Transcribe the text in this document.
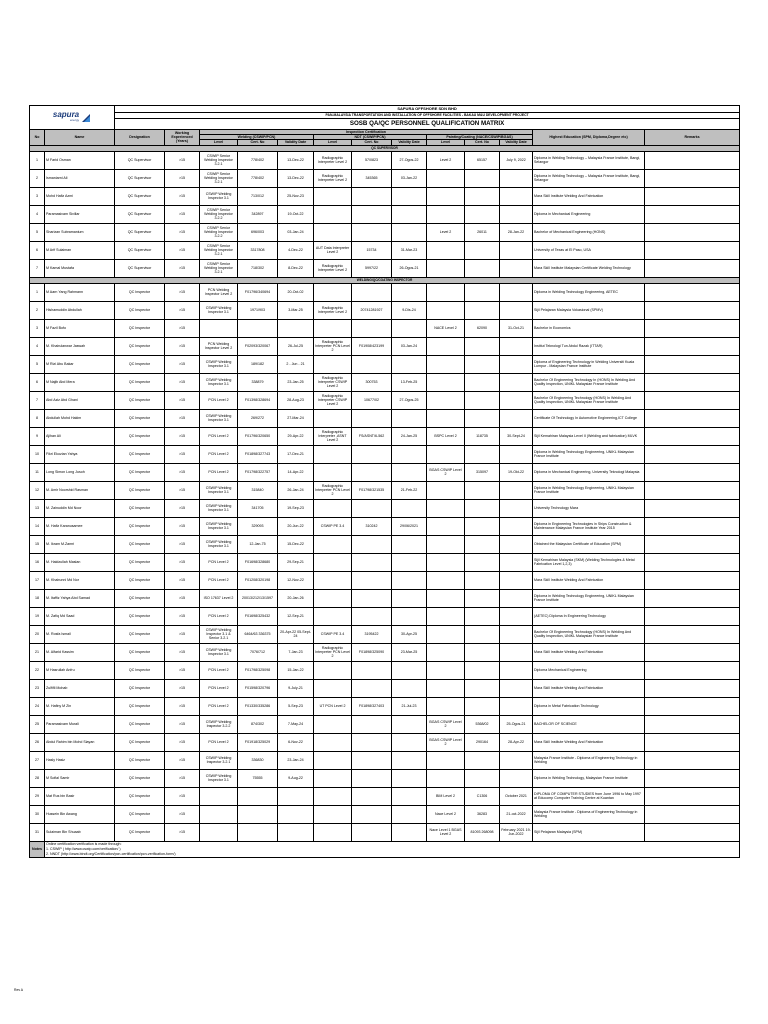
sapura
energy		SAPURA OFFSHORE SDN BHD												
		PAN-MALAYSIA TRANSPORTATION AND INSTALLATION OF OFFSHORE FACILITIES - BAKAU M&U DEVELOPMENT PROJECT												
		SOSB QA/QC PERSONNEL QUALIFICATION MATRIX												
No	Name	Designation	Working Experienced (Years)	Inspection Certification									Highest Education (SPM, Diploma,Degree etc)	Remarks
				Welding (CSWIP/PCN)			NDT (CSWIP/PCN)			Painting/Coating (NACE/CSWIP/BGAS)				
				Level	Cert. No	Validity Date	Level	Cert. No	Validity Date	Level	Cert. No	Validity Date		
QC SUPERVISOR														
1	M Farid Osman	QC Supervisor	>15	CSWIP Senior Welding Inspector 3.2.1	778/402	13-Dec-22	Radiographic Interpreter Level 2	57/0823	27-Ogos-22	Level 2	65157	July 9, 2022	Diploma in Welding Technology – Malaysia France Institute, Bangi, Selangor	
2	Ismaniarni Ali	QC Supervisor	>15	CSWIP Senior Welding Inspector 3.2.1	778/402	13-Dec-22	Radiographic Interpreter Level 2	345365	03-Jan-22				Diploma in Welding Technology – Malaysia France Institute, Bangi, Selangor	
3	Mohd Hafiz Azmi	QC Supervisor	>15	CSWIP Welding Inspector 3.1	713/012	25-Nov-23							Mara Skill Institute Welding And Fabrication	
4	Paramasivam Sivillar	QC Supervisor	>15	CSWIP Senior Welding Inspector 3.2.2	342897	19-Oct-22							Diploma in Mechanical Engineering	
5	Sharizan Subramanium	QC Supervisor	>15	CSWIP Senior Welding Inspector 3.2.2	696/003	03-Jan-24				Level 2	26011	28-Jan-22	Bachelor of Mechanical Engineering (HONS)	
6	M Arif Sulaiman	QC Supervisor	>15	CSWIP Senior Welding Inspector 3.2.1	3317808	4-Dec-22	AUT Data Interpreter Level 2	15734	31-Mar-23				University of Texas at El Paso, USA	
7	M Kamal Mustafa	QC Supervisor	>15	CSWIP Senior Welding Inspector 3.2.1	718/302	8-Dec-22	Radiographic Interpreter Level 2	5997/22	26-Ogos-21				Mara Skill Institute Malaysian Certificate Welding Technology	
WELDING/QC/COATING INSPECTOR														
1	M Aarn Yang Rahmann	QC Inspector	>15	PCN Welding Inspector Level 2	F01796/340694	20-Oct-02							Diploma in Welding Technology Engineering, AETEC	
2	Hishamuddin Abdullah	QC Inspector	>15	CSWIP Welding Inspector 3.1	1971/903	3-Mar-25	Radiographic Interpreter Level 2	20741281927	9-Dis-24				Sijil Pelajaran Malaysia Vokasional (SPMV)	
3	M Fazil Bofo	QC Inspector	>15							NACE Level 2	62090	31-Oct-21	Bachelor in Economics	
4	M. Khairulanwar Jaswah	QC Inspector	>15	PCN Welding Inspector Level 2	F02093/320067	26-Jul-25	Radiographic Interpreter PCN Level 2	F01908/423199	03-Jan-24				Institut Teknologi Tun Abdul Razak (ITTAR)	
5	M Rizi Abu Bakar	QC Inspector	>15	CSWIP Welding Inspector 3.1	189/182	2 - Jun - 21							Diploma of Engineering Technology in Welding Universiti Kuala Lumpur - Malaysian France Institute	
6	M Najib Abd Mera	QC Inspector	>15	CSWIP Welding Inspector 3.1	338879	23-Jan-25	Radiographic Interpreter CSWIP Level 2	300753	13-Feb-25				Bachelor Of Engineering Technology In (HONS) In Welding And Quality Inspection, UNIKL Malaysian France Institute	
7	Abd Aziz Abd Ghani	QC Inspector	>15	PCN Level 2	F01398/328694	28-Aug-23	Radiographic Interpreter CSWIP Level 2	10677/02	27-Ogos-25				Bachelor Of Engineering Technology (HONS) In Welding And Quality Inspection, UNIKL Malaysian France Institute	
8	Abdullah Mohd Hakim	QC Inspector	>15	CSWIP Welding Inspector 3.1	269/272	27-Mar-24							Certificate Of Technology In Automotive Engineering,ICT College	
9	Ajihan Ali	QC Inspector	>15	PCN Level 2	F01796/320650	29-Apr-22	Radiographic Interpreter ,ASNT Level 2	FS/ASNT/6-562	24-Jan-25	BSPC Level 2	118735	30-Sept-24	Sijil Kemahiran Malaysia Level II (Welding and fabrication) MLVK	
10	Fikri Ekozian Yahya	QC Inspector	>15	PCN Level 2	F01898/327743	17-Dec-21							Diploma in Welding Technology Engineering, UNIKL Malaysian France Institute	
11	Long Simon Long Jusoh	QC Inspector	>15	PCN Level 2	F01798/322757	14-Apr-22				BGAS CSWIP Level 2	315097	19-Okt-22	Diploma in Mechanical Engineering, University Teknologi Malaysia	
12	M. Amir Noorshid Rasman	QC Inspector	>15	CSWIP Welding Inspector 3.1	315840	26-Jan-24	Radiographic Interpreter PCN Level 2	F01798/321535	21-Feb-22				Diploma in Welding Technology Engineering, UNIKL Malaysian France Institute	
13	M. Zainuddin Md Noor	QC Inspector	>15	CSWIP Welding Inspector 3.1	341705	19-Sep-23							University Technology Mara	
14	M. Hafiz Karanusamee	QC Inspector	>15	CSWIP Welding Inspector 3.1	329093	20-Jun-22	CSWIP PE 3.4	310242	29/06/2021				Diploma in Engineering Technologies in Ships Construction & Maintenance Malaysian France Institute Year 2015	
15	M. Ikram M.Zamri	QC Inspector	>15	CSWIP Welding Inspector 3.1	12-Jan-75	15-Dec-22							Obtained the Malaysian Certificate of Education (SPM)	
16	M. Haidzullah Maslan	QC Inspector	>15	PCN Level 2	F01698/328680	29-Sep-21							Sijil Kemahiran Malaysia (SKM) (Welding Technologies & Metal Fabrication Level 1,2,3)	
17	M. Khairunni Md Nor	QC Inspector	>15	PCN Level 2	F01208/320198	12-Nov-22							Mara Skill Institute Welding And Fabrication	
18	M. Itaffiz Yahya Abd Samad	QC Inspector	>15	ISO 17637 Level 2	20013/212/13/1597	20-Jan-26							Diploma in Welding Technology Engineering, UNIKL Malaysian France Institute	
19	M. Zafiq Md Saad	QC Inspector	>15	PCN Level 2	F01698/325432	12-Sep-21							(AETEC) Diploma In Engineering Technology	
20	M. Rosfa Ismail	QC Inspector	>15	CSWIP Welding Inspector 3.1 & Senior 3.2.1	6464/63 336375	20-Apr-22 05-Sept-24	CSWIP PE 3.4	3195422	30-Apr-25				Bachelor Of Engineering Technology (HONS) In Welding And Quality Inspection, UNIKL Malaysian France Institute	
21	M. Alfarid Kassim	QC Inspector	>15	CSWIP Welding Inspector 3.1	7076/712	7-Jan-23	Radiographic Interpreter PCN Level 2	F01898/325090	23-Mar-25				Mara Skill Institute Welding And Fabrication	
22	M Hasrullah Anfru	QC Inspector	>15	PCN Level 2	F01798/325098	15-Jan-22							Diploma Mechanical Engineering	
23	Zulfifli Mohab	QC Inspector	>15	PCN Level 2	F01598/320796	9-July-21							Mara Skill Institute Welding And Fabrication	
24	M. Hafiny M Zin	QC Inspector	>15	PCN Level 2	F01330/335286	5-Sep-23	UT PCN Level 2	F01898/327403	21-Jul-23				Diploma in Metal Fabrication Technology	
25	Paramasivam Murali	QC Inspector	>15	CSWIP Welding Inspector 3.2.2	874/302	7-May-24				BGAS CSWIP Level 2	5368/02	25-Ogos-21	BACHELOR OF SCIENCE	
26	Abdul Rahim bin Mohd Siayan	QC Inspector	>15	PCN Level 2	F01918/325029	6-Nov-22				BGAS CSWIP Level 2	290164	28-Apr-22	Mara Skill Institute Welding And Fabrication	
27	Hasly Hasiz	QC Inspector	>15	CSWIP Welding Inspector 3.2.1	336830	23-Jan-24							Malaysia France Institute - Diploma of Engineering Technology in Welding	
28	M Sofial Samir	QC Inspector	>15	CSWIP Welding Inspector 3.1	75555	9-Aug-22							Diploma in Welding Technology, Malaysian France Institute	
29	Mat Rus bin Basir	QC Inspector	>15							BIM Level 2	C1306	October 2021	DIPLOMA OF COMPUTER STUDIES from June 1996 to May 1997 at Educomp Computer Training Centre at Kuantan	
30	Hussein Bin Awang	QC Inspector	>15							Nace Level 2	36283	21-oct-2022	Malaysia France Institute - Diploma of Engineering Technology in Welding	
31	Sulaiman Bin Shuaab	QC Inspector	>15							Nace Level 1 BGAS Level 2	81093 268098	February 2021 19-Jun-2022	Sijil Pelajaran Malaysia (SPM)	
Notes	Online certification verification is made through:
1. CSWIP ( http://www.cswip.com/verification/ )
2. NNDT (http://www.bindt.org/Certification/pcn-certification/pcn-verification-form/)													
Rev A
